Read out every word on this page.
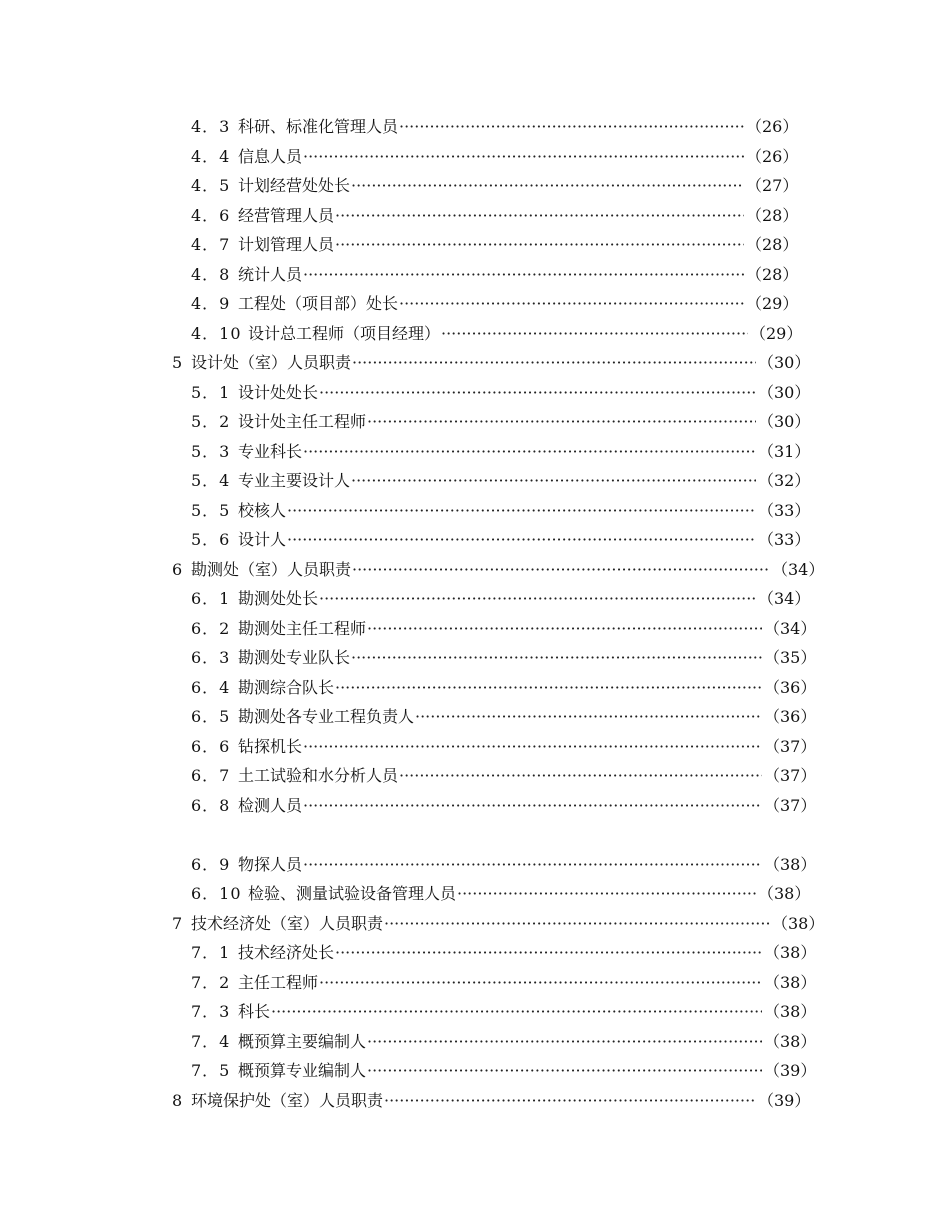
4．3 科研、标准化管理人员 ·····	（26）
4．4 信息人员 ·····	（26）
4．5 计划经营处处长 ·····	（27）
4．6 经营管理人员 ·····	（28）
4．7 计划管理人员 ·····	（28）
4．8 统计人员 ·····	（28）
4．9 工程处（项目部）处长 ·····	（29）
4．10 设计总工程师（项目经理） ·····	（29）
5 设计处（室）人员职责 ·····	（30）
5．1 设计处处长 ·····	（30）
5．2 设计处主任工程师 ·····	（30）
5．3 专业科长 ·····	（31）
5．4 专业主要设计人 ·····	（32）
5．5 校核人 ·····	（33）
5．6 设计人 ·····	（33）
6 勘测处（室）人员职责 ·····	（34）
6．1 勘测处处长 ·····	（34）
6．2 勘测处主任工程师 ·····	（34）
6．3 勘测处专业队长 ·····	（35）
6．4 勘测综合队长 ·····	（36）
6．5 勘测处各专业工程负责人 ·····	（36）
6．6 钻探机长 ·····	（37）
6．7 土工试验和水分析人员 ·····	（37）
6．8 检测人员 ·····	（37）
6．9 物探人员 ·····	（38）
6．10 检验、测量试验设备管理人员 ·····	（38）
7 技术经济处（室）人员职责 ·····	（38）
7．1 技术经济处长 ·····	（38）
7．2 主任工程师 ·····	（38）
7．3 科长 ·····	（38）
7．4 概预算主要编制人 ·····	（38）
7．5 概预算专业编制人 ·····	（39）
8 环境保护处（室）人员职责 ·····	（39）
